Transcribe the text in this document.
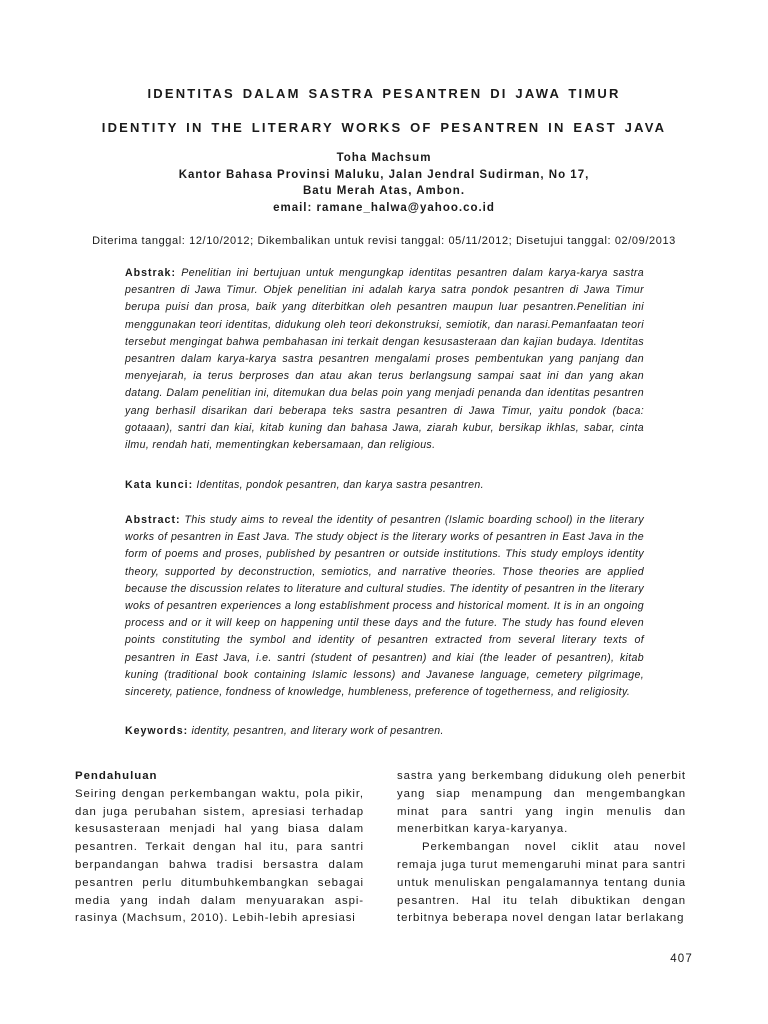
IDENTITAS DALAM SASTRA PESANTREN DI JAWA TIMUR
IDENTITY IN THE LITERARY WORKS OF PESANTREN IN EAST JAVA
Toha Machsum
Kantor Bahasa Provinsi Maluku, Jalan Jendral Sudirman, No 17,
Batu Merah Atas, Ambon.
email: ramane_halwa@yahoo.co.id
Diterima tanggal: 12/10/2012; Dikembalikan untuk revisi tanggal: 05/11/2012; Disetujui tanggal: 02/09/2013
Abstrak: Penelitian ini bertujuan untuk mengungkap identitas pesantren dalam karya-karya sastra pesantren di Jawa Timur. Objek penelitian ini adalah karya satra pondok pesantren di Jawa Timur berupa puisi dan prosa, baik yang diterbitkan oleh pesantren maupun luar pesantren.Penelitian ini menggunakan teori identitas, didukung oleh teori dekonstruksi, semiotik, dan narasi.Pemanfaatan teori tersebut mengingat bahwa pembahasan ini terkait dengan kesusasteraan dan kajian budaya. Identitas pesantren dalam karya-karya sastra pesantren mengalami proses pembentukan yang panjang dan menyejarah, ia terus berproses dan atau akan terus berlangsung sampai saat ini dan yang akan datang. Dalam penelitian ini, ditemukan dua belas poin yang menjadi penanda dan identitas pesantren yang berhasil disarikan dari beberapa teks sastra pesantren di Jawa Timur, yaitu pondok (baca: gotaaan), santri dan kiai, kitab kuning dan bahasa Jawa, ziarah kubur, bersikap ikhlas, sabar, cinta ilmu, rendah hati, mementingkan kebersamaan, dan religious.
Kata kunci: Identitas, pondok pesantren, dan karya sastra pesantren.
Abstract: This study aims to reveal the identity of pesantren (Islamic boarding school) in the literary works of pesantren in East Java. The study object is the literary works of pesantren in East Java in the form of poems and proses, published by pesantren or outside institutions. This study employs identity theory, supported by deconstruction, semiotics, and narrative theories. Those theories are applied because the discussion relates to literature and cultural studies. The identity of pesantren in the literary woks of pesantren experiences a long establishment process and historical moment. It is in an ongoing process and or it will keep on happening until these days and the future. The study has found eleven points constituting the symbol and identity of pesantren extracted from several literary texts of pesantren in East Java, i.e. santri (student of pesantren) and kiai (the leader of pesantren), kitab kuning (traditional book containing Islamic lessons) and Javanese language, cemetery pilgrimage, sincerety, patience, fondness of knowledge, humbleness, preference of togetherness, and religiosity.
Keywords: identity, pesantren, and literary work of pesantren.
Pendahuluan

Seiring dengan perkembangan waktu, pola pikir, dan juga perubahan sistem, apresiasi terhadap kesusasteraan menjadi hal yang biasa dalam pesantren. Terkait dengan hal itu, para santri berpandangan bahwa tradisi bersastra dalam pesantren perlu ditumbuhkembangkan sebagai media yang indah dalam menyuarakan aspi-rasinya (Machsum, 2010). Lebih-lebih apresiasi

sastra yang berkembang didukung oleh penerbit yang siap menampung dan mengembangkan minat para santri yang ingin menulis dan menerbitkan karya-karyanya.

Perkembangan novel ciklit atau novel remaja juga turut memengaruhi minat para santri untuk menuliskan pengalamannya tentang dunia pesantren. Hal itu telah dibuktikan dengan terbitnya beberapa novel dengan latar berlakang

407
